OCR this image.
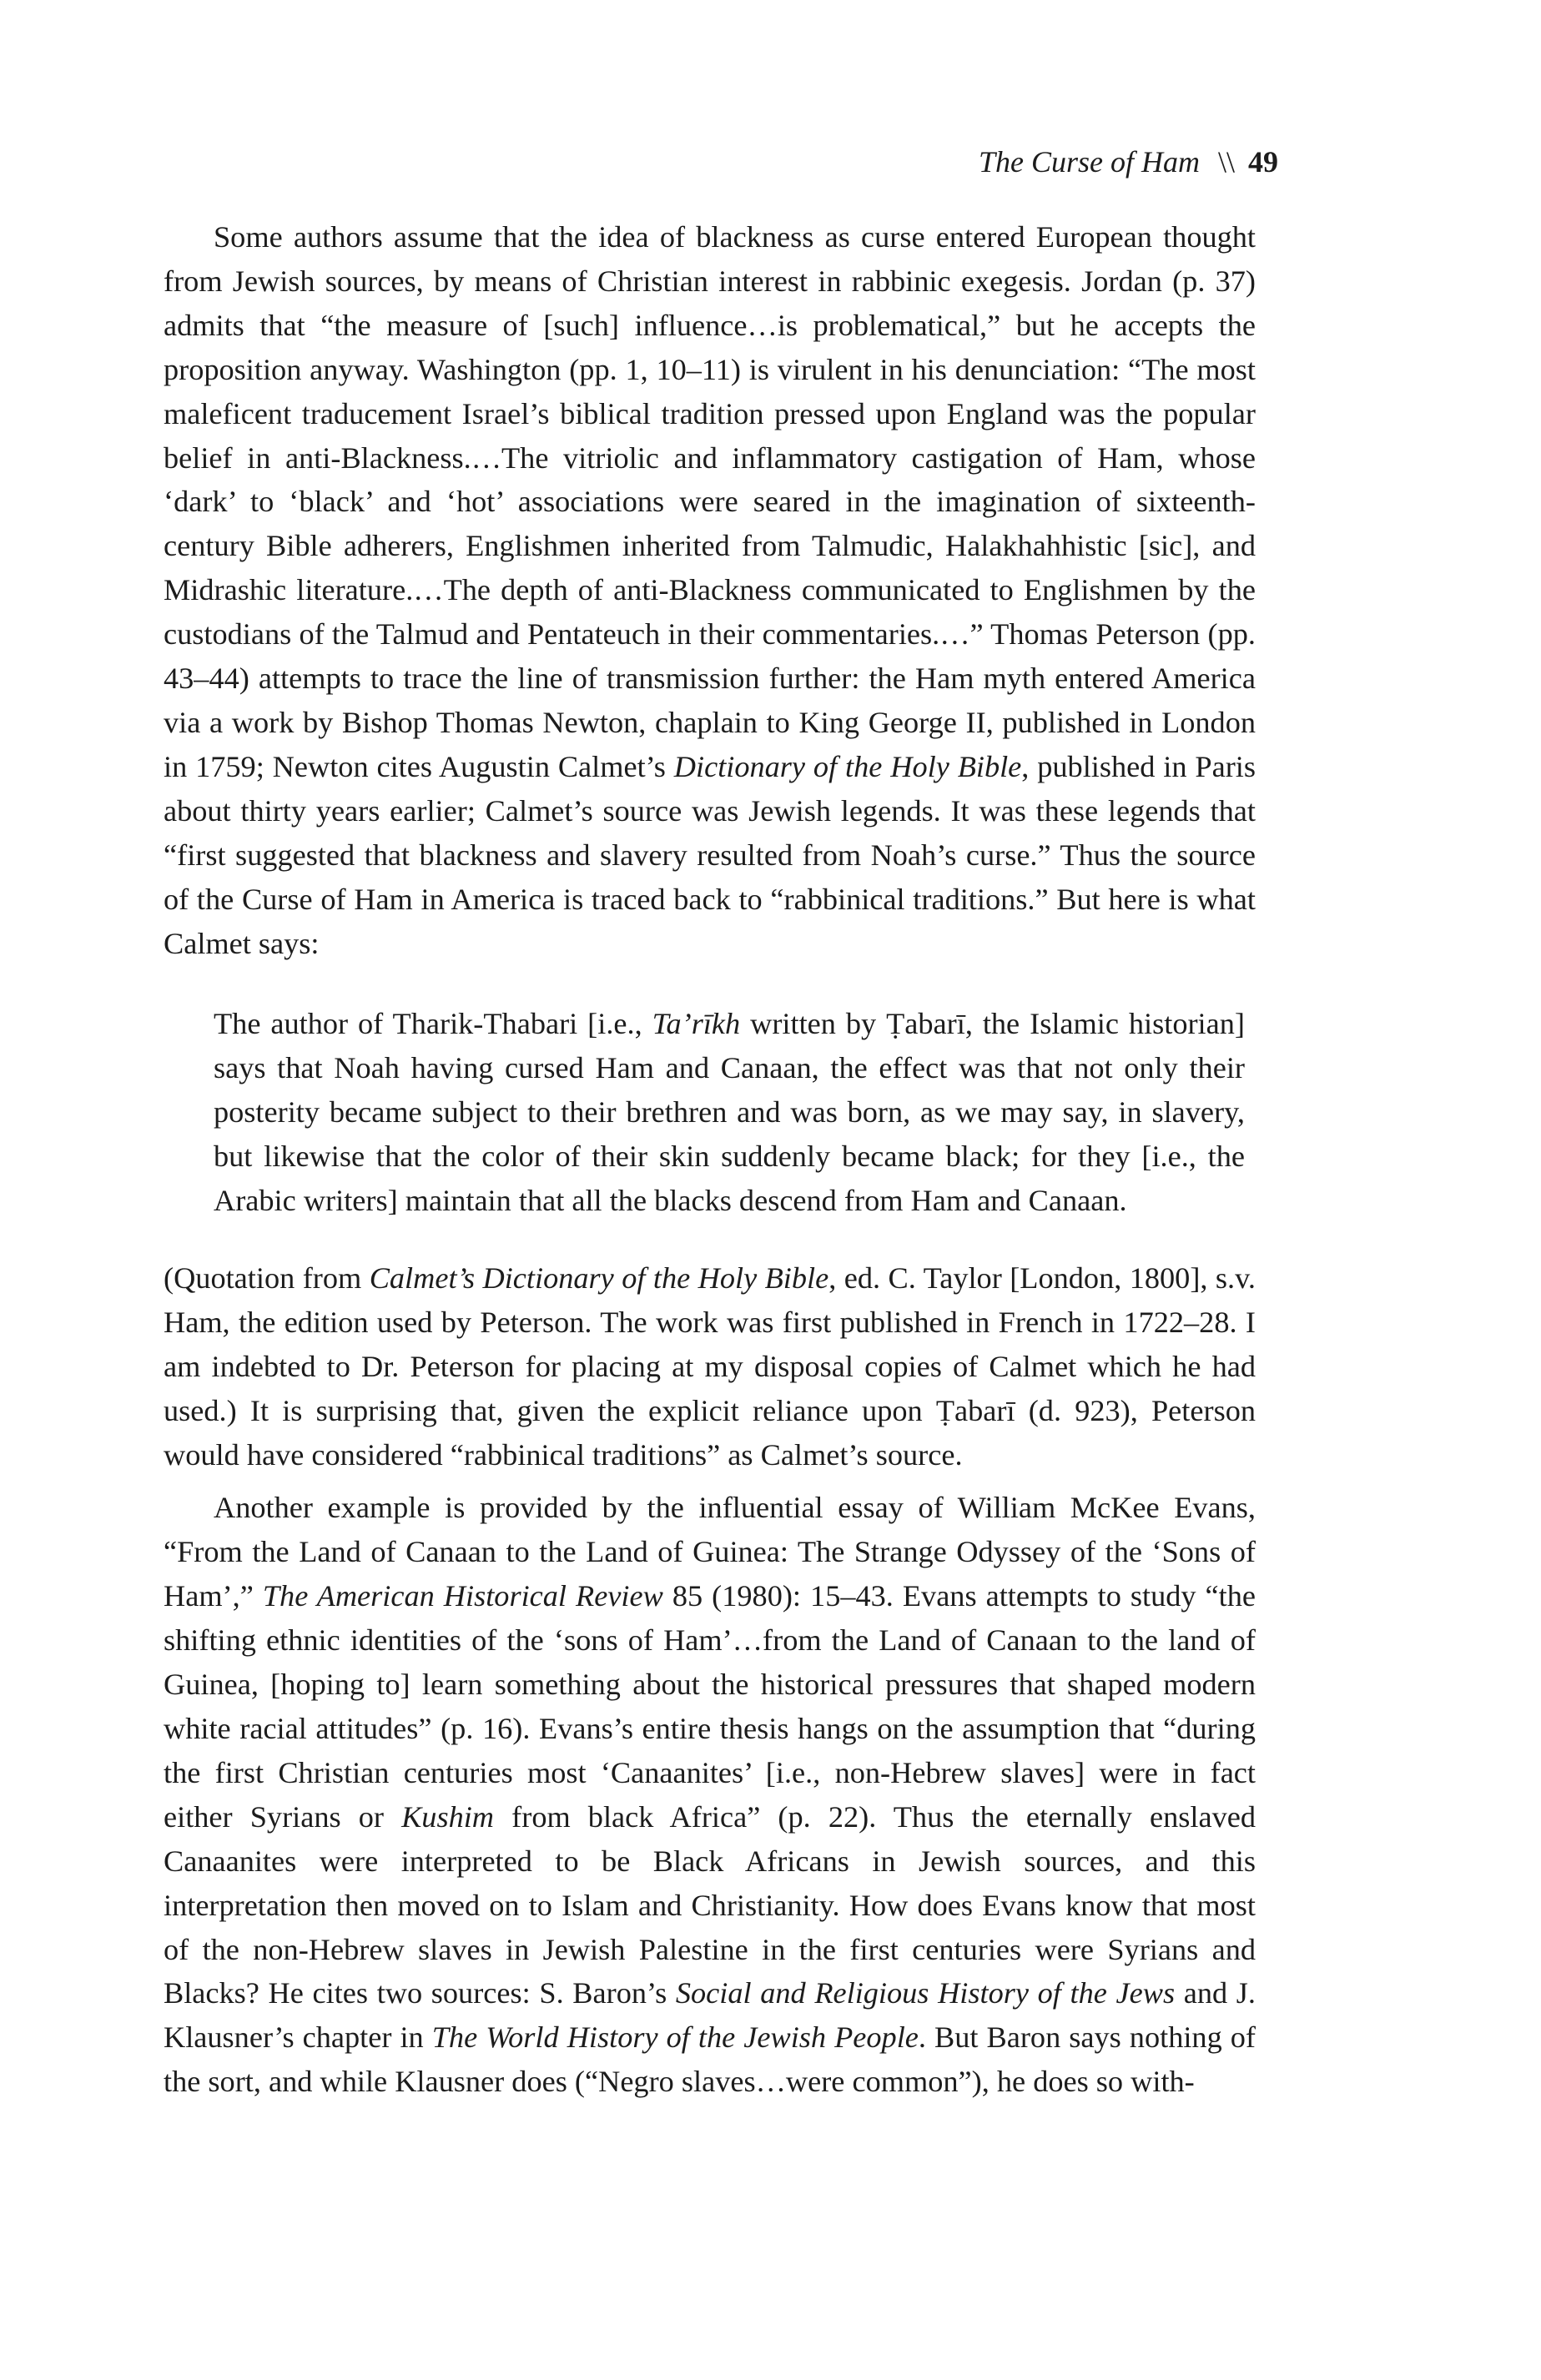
The Curse of Ham \\ 49

Some authors assume that the idea of blackness as curse entered European thought from Jewish sources, by means of Christian interest in rabbinic exegesis. Jordan (p. 37) admits that “the measure of [such] influence…is problematical,” but he accepts the proposition anyway. Washington (pp. 1, 10–11) is virulent in his denunciation: “The most maleficent traducement Israel’s biblical tradition pressed upon England was the popular belief in anti-Blackness.…The vitriolic and inflammatory castigation of Ham, whose ‘dark’ to ‘black’ and ‘hot’ associations were seared in the imagination of sixteenth-century Bible adherers, Englishmen inherited from Talmudic, Halakhahhistic [sic], and Midrashic literature.…The depth of anti-Blackness communicated to Englishmen by the custodians of the Talmud and Pentateuch in their commentaries.…” Thomas Peterson (pp. 43–44) attempts to trace the line of transmission further: the Ham myth entered America via a work by Bishop Thomas Newton, chaplain to King George II, published in London in 1759; Newton cites Augustin Calmet’s Dictionary of the Holy Bible, published in Paris about thirty years earlier; Calmet’s source was Jewish legends. It was these legends that “first suggested that blackness and slavery resulted from Noah’s curse.” Thus the source of the Curse of Ham in America is traced back to “rabbinical traditions.” But here is what Calmet says:

The author of Tharik-Thabari [i.e., Ta’rīkh written by Ṭabarī, the Islamic historian] says that Noah having cursed Ham and Canaan, the effect was that not only their posterity became subject to their brethren and was born, as we may say, in slavery, but likewise that the color of their skin suddenly became black; for they [i.e., the Arabic writers] maintain that all the blacks descend from Ham and Canaan.

(Quotation from Calmet’s Dictionary of the Holy Bible, ed. C. Taylor [London, 1800], s.v. Ham, the edition used by Peterson. The work was first published in French in 1722–28. I am indebted to Dr. Peterson for placing at my disposal copies of Calmet which he had used.) It is surprising that, given the explicit reliance upon Ṭabarī (d. 923), Peterson would have considered “rabbinical traditions” as Calmet’s source.

Another example is provided by the influential essay of William McKee Evans, “From the Land of Canaan to the Land of Guinea: The Strange Odyssey of the ‘Sons of Ham’,” The American Historical Review 85 (1980): 15–43. Evans attempts to study “the shifting ethnic identities of the ‘sons of Ham’…from the Land of Canaan to the land of Guinea, [hoping to] learn something about the historical pressures that shaped modern white racial attitudes” (p. 16). Evans’s entire thesis hangs on the assumption that “during the first Christian centuries most ‘Canaanites’ [i.e., non-Hebrew slaves] were in fact either Syrians or Kushim from black Africa” (p. 22). Thus the eternally enslaved Canaanites were interpreted to be Black Africans in Jewish sources, and this interpretation then moved on to Islam and Christianity. How does Evans know that most of the non-Hebrew slaves in Jewish Palestine in the first centuries were Syrians and Blacks? He cites two sources: S. Baron’s Social and Religious History of the Jews and J. Klausner’s chapter in The World History of the Jewish People. But Baron says nothing of the sort, and while Klausner does (“Negro slaves…were common”), he does so with-
